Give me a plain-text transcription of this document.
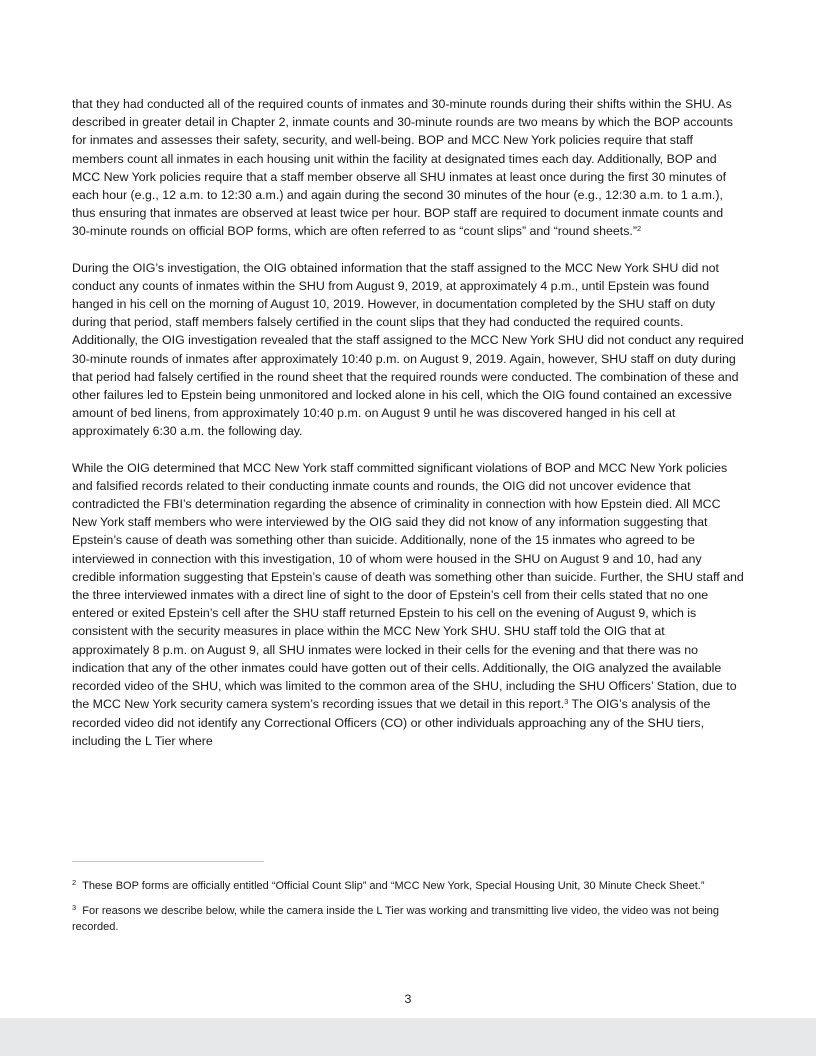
that they had conducted all of the required counts of inmates and 30-minute rounds during their shifts within the SHU. As described in greater detail in Chapter 2, inmate counts and 30-minute rounds are two means by which the BOP accounts for inmates and assesses their safety, security, and well-being. BOP and MCC New York policies require that staff members count all inmates in each housing unit within the facility at designated times each day. Additionally, BOP and MCC New York policies require that a staff member observe all SHU inmates at least once during the first 30 minutes of each hour (e.g., 12 a.m. to 12:30 a.m.) and again during the second 30 minutes of the hour (e.g., 12:30 a.m. to 1 a.m.), thus ensuring that inmates are observed at least twice per hour. BOP staff are required to document inmate counts and 30-minute rounds on official BOP forms, which are often referred to as “count slips” and “round sheets.”$^2$

During the OIG’s investigation, the OIG obtained information that the staff assigned to the MCC New York SHU did not conduct any counts of inmates within the SHU from August 9, 2019, at approximately 4 p.m., until Epstein was found hanged in his cell on the morning of August 10, 2019. However, in documentation completed by the SHU staff on duty during that period, staff members falsely certified in the count slips that they had conducted the required counts. Additionally, the OIG investigation revealed that the staff assigned to the MCC New York SHU did not conduct any required 30-minute rounds of inmates after approximately 10:40 p.m. on August 9, 2019. Again, however, SHU staff on duty during that period had falsely certified in the round sheet that the required rounds were conducted. The combination of these and other failures led to Epstein being unmonitored and locked alone in his cell, which the OIG found contained an excessive amount of bed linens, from approximately 10:40 p.m. on August 9 until he was discovered hanged in his cell at approximately 6:30 a.m. the following day.

While the OIG determined that MCC New York staff committed significant violations of BOP and MCC New York policies and falsified records related to their conducting inmate counts and rounds, the OIG did not uncover evidence that contradicted the FBI’s determination regarding the absence of criminality in connection with how Epstein died. All MCC New York staff members who were interviewed by the OIG said they did not know of any information suggesting that Epstein’s cause of death was something other than suicide. Additionally, none of the 15 inmates who agreed to be interviewed in connection with this investigation, 10 of whom were housed in the SHU on August 9 and 10, had any credible information suggesting that Epstein’s cause of death was something other than suicide. Further, the SHU staff and the three interviewed inmates with a direct line of sight to the door of Epstein’s cell from their cells stated that no one entered or exited Epstein’s cell after the SHU staff returned Epstein to his cell on the evening of August 9, which is consistent with the security measures in place within the MCC New York SHU. SHU staff told the OIG that at approximately 8 p.m. on August 9, all SHU inmates were locked in their cells for the evening and that there was no indication that any of the other inmates could have gotten out of their cells. Additionally, the OIG analyzed the available recorded video of the SHU, which was limited to the common area of the SHU, including the SHU Officers’ Station, due to the MCC New York security camera system’s recording issues that we detail in this report.$^3$ The OIG’s analysis of the recorded video did not identify any Correctional Officers (CO) or other individuals approaching any of the SHU tiers, including the L Tier where

$^2$ These BOP forms are officially entitled “Official Count Slip” and “MCC New York, Special Housing Unit, 30 Minute Check Sheet.”

$^3$ For reasons we describe below, while the camera inside the L Tier was working and transmitting live video, the video was not being recorded.

3
